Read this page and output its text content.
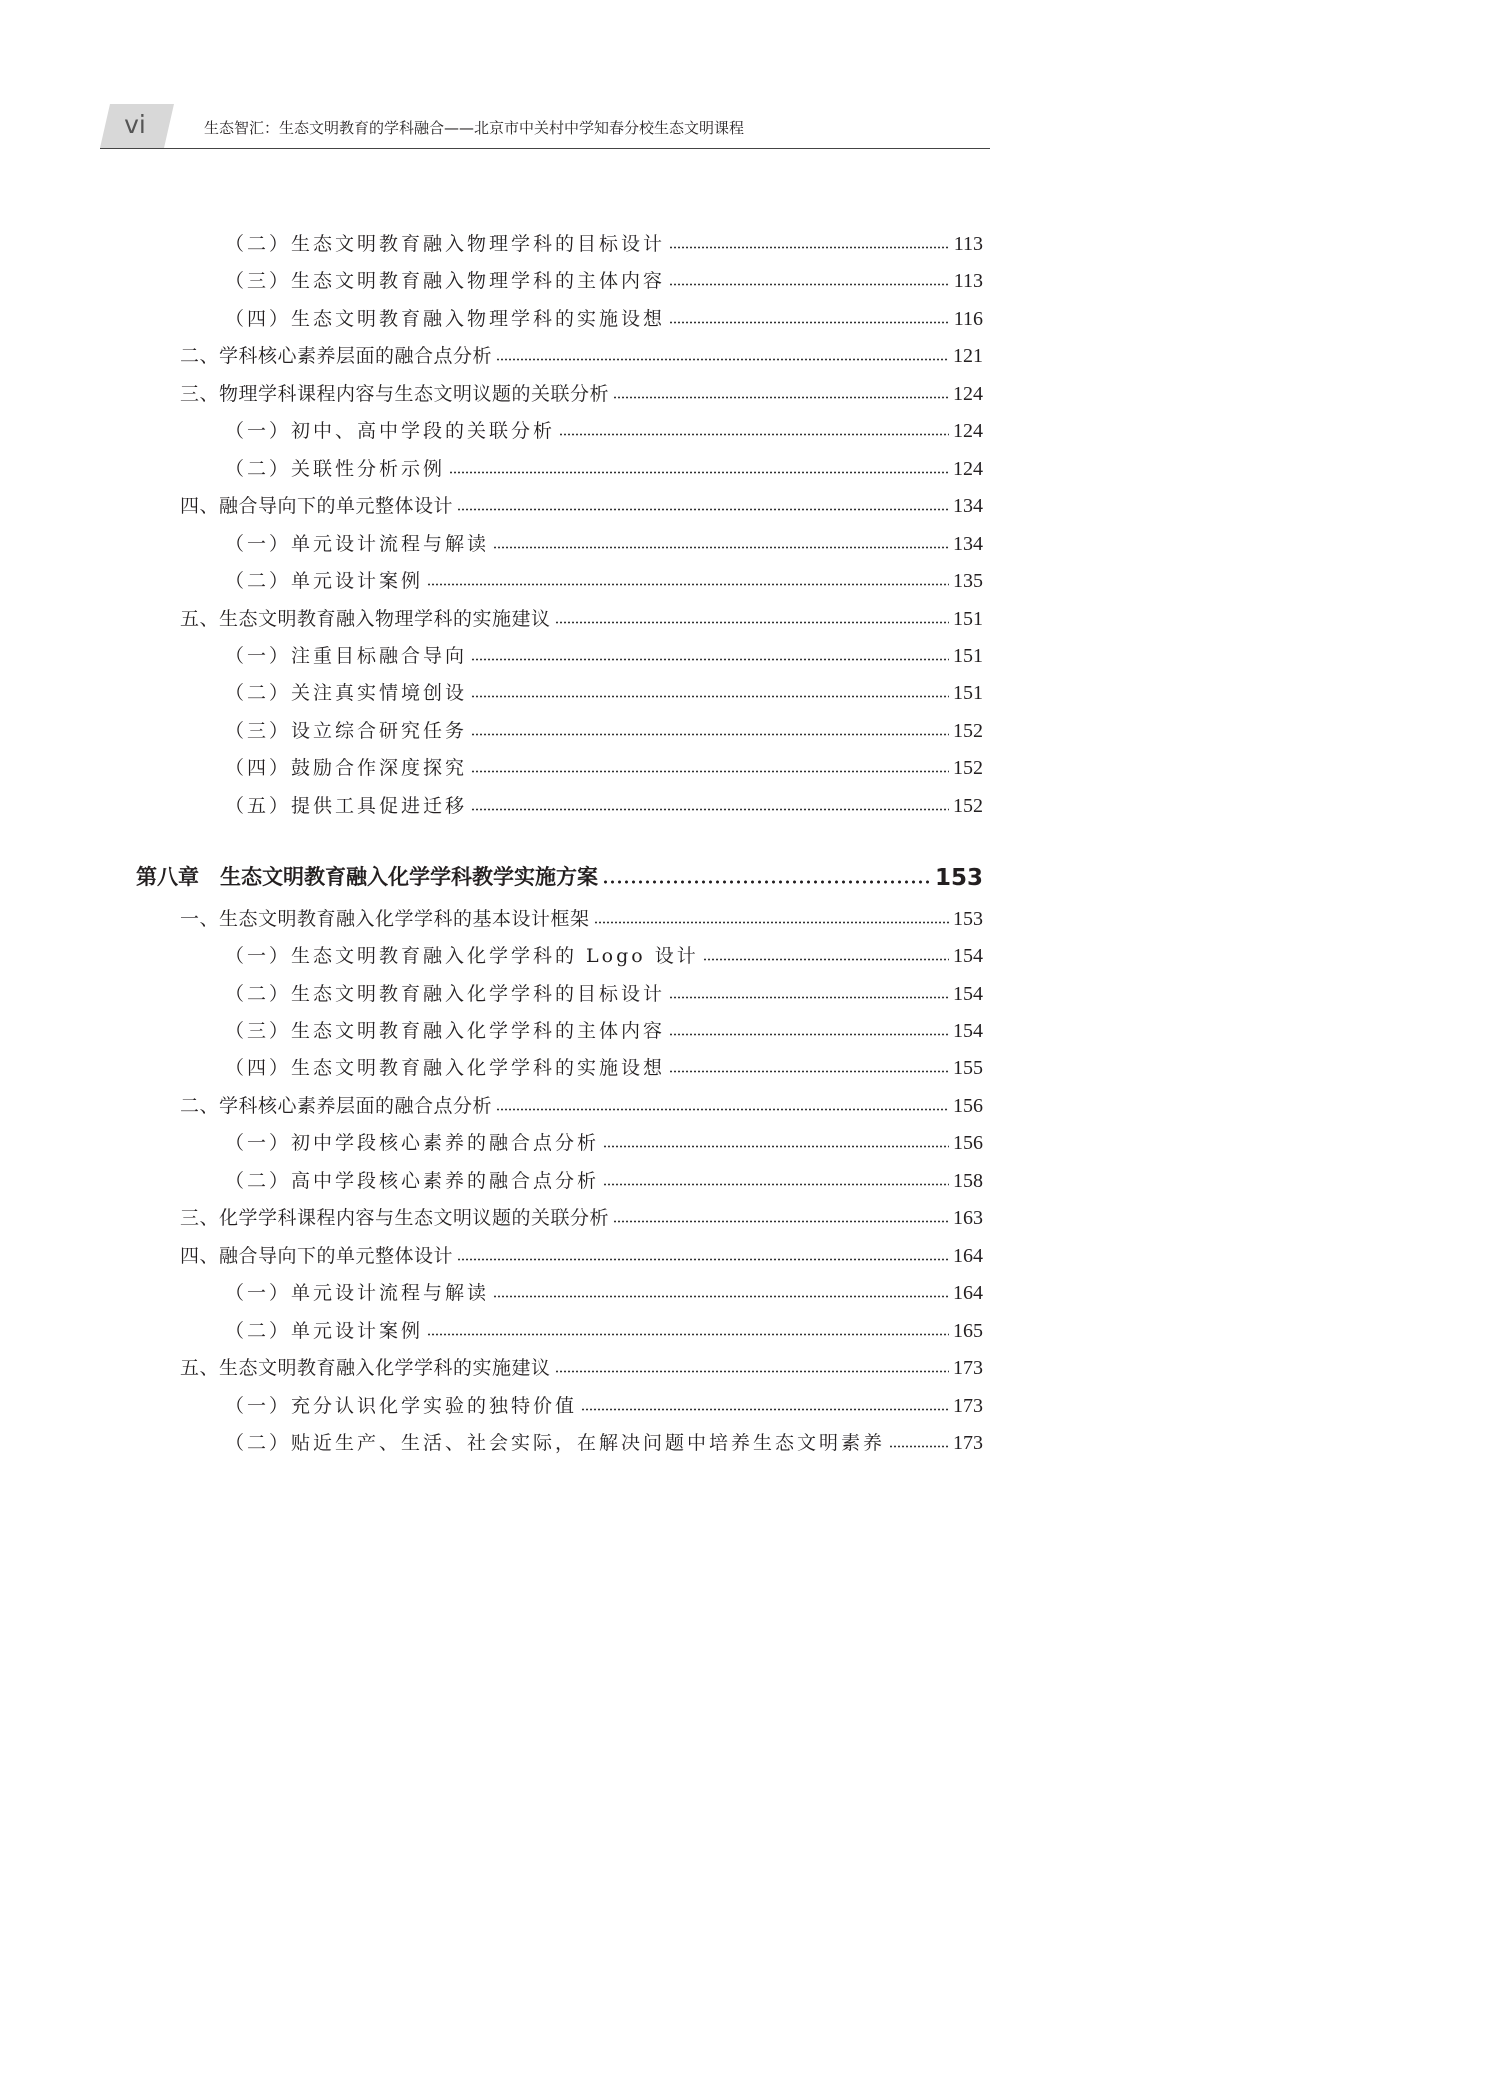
vi	生态智汇：生态文明教育的学科融合——北京市中关村中学知春分校生态文明课程
（二）生态文明教育融入物理学科的目标设计	113
（三）生态文明教育融入物理学科的主体内容	113
（四）生态文明教育融入物理学科的实施设想	116
二、学科核心素养层面的融合点分析	121
三、物理学科课程内容与生态文明议题的关联分析	124
（一）初中、高中学段的关联分析	124
（二）关联性分析示例	124
四、融合导向下的单元整体设计	134
（一）单元设计流程与解读	134
（二）单元设计案例	135
五、生态文明教育融入物理学科的实施建议	151
（一）注重目标融合导向	151
（二）关注真实情境创设	151
（三）设立综合研究任务	152
（四）鼓励合作深度探究	152
（五）提供工具促进迁移	152
第八章　生态文明教育融入化学学科教学实施方案	153
一、生态文明教育融入化学学科的基本设计框架	153
（一）生态文明教育融入化学学科的 Logo 设计	154
（二）生态文明教育融入化学学科的目标设计	154
（三）生态文明教育融入化学学科的主体内容	154
（四）生态文明教育融入化学学科的实施设想	155
二、学科核心素养层面的融合点分析	156
（一）初中学段核心素养的融合点分析	156
（二）高中学段核心素养的融合点分析	158
三、化学学科课程内容与生态文明议题的关联分析	163
四、融合导向下的单元整体设计	164
（一）单元设计流程与解读	164
（二）单元设计案例	165
五、生态文明教育融入化学学科的实施建议	173
（一）充分认识化学实验的独特价值	173
（二）贴近生产、生活、社会实际，在解决问题中培养生态文明素养	173
